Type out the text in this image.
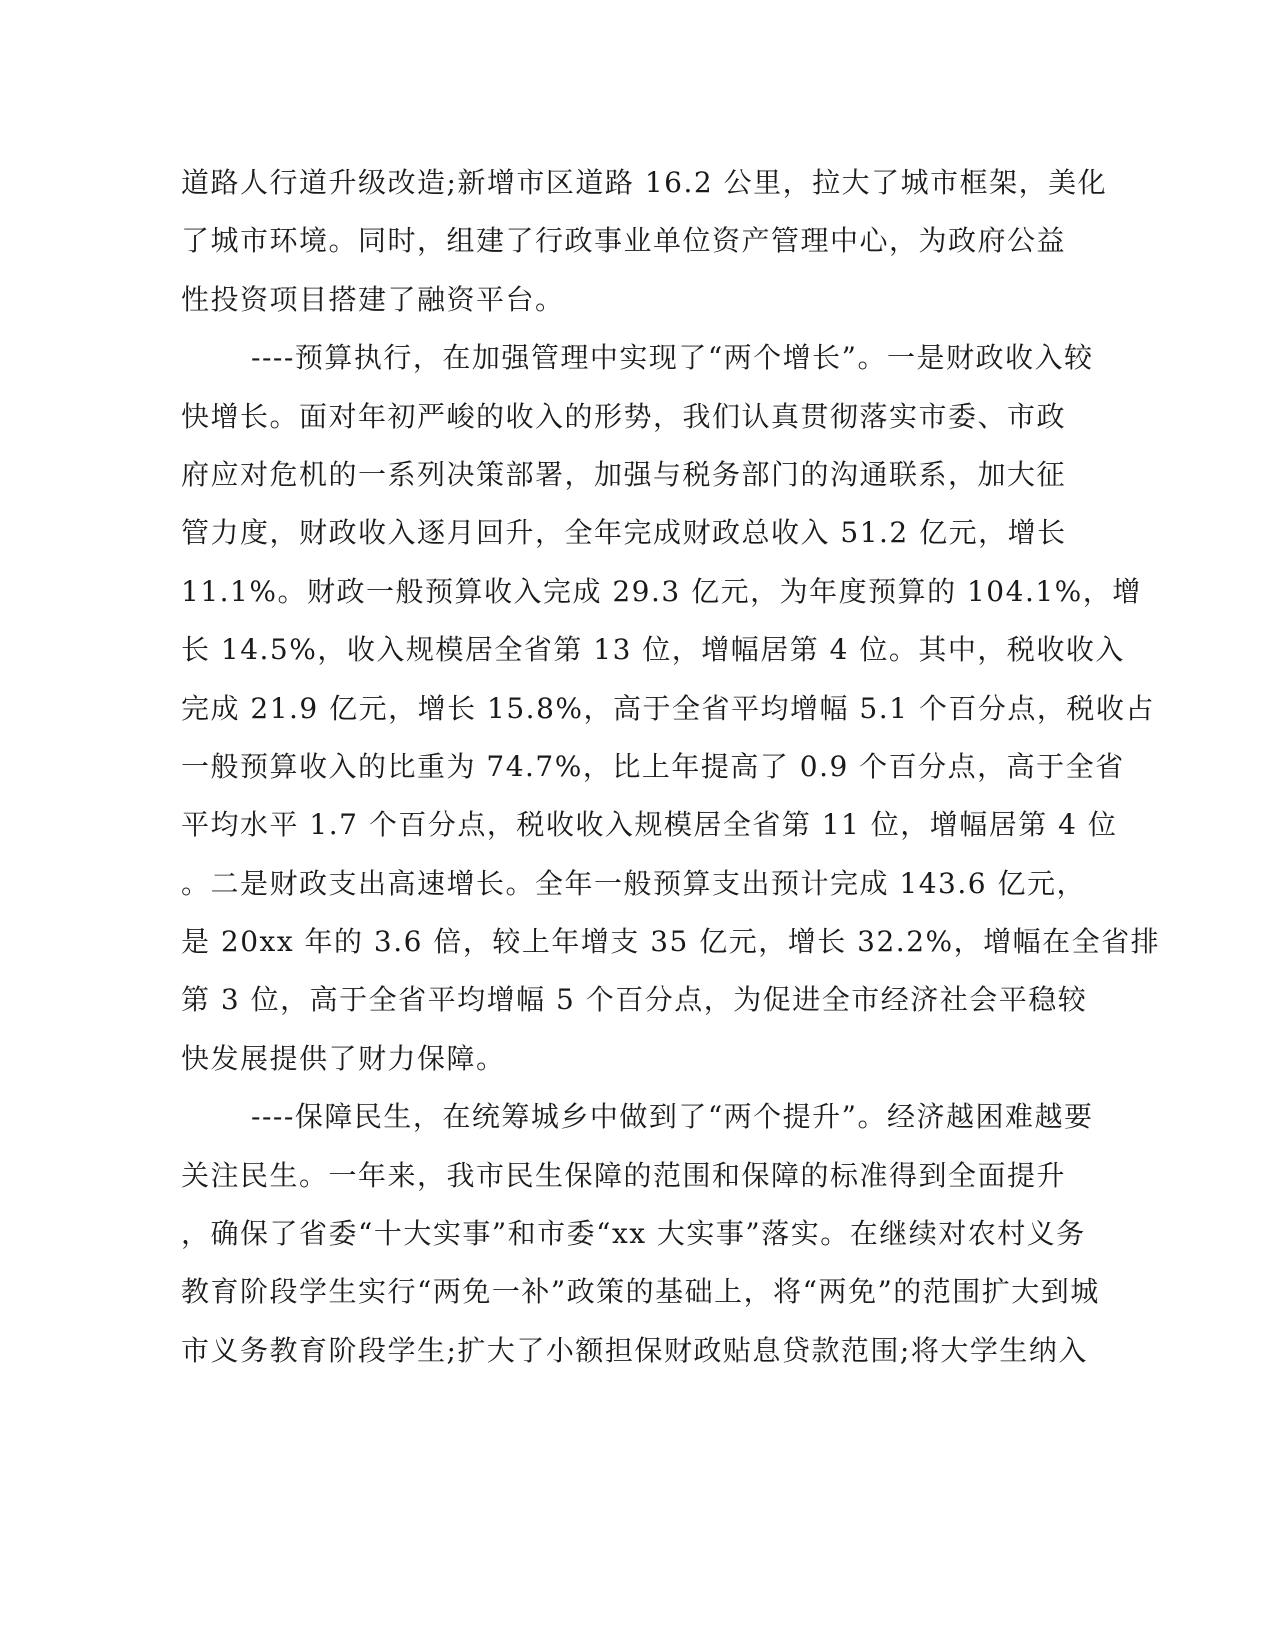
道路人行道升级改造;新增市区道路 16.2 公里，拉大了城市框架，美化
了城市环境。同时，组建了行政事业单位资产管理中心，为政府公益
性投资项目搭建了融资平台。
----预算执行，在加强管理中实现了“两个增长”。一是财政收入较
快增长。面对年初严峻的收入的形势，我们认真贯彻落实市委、市政
府应对危机的一系列决策部署，加强与税务部门的沟通联系，加大征
管力度，财政收入逐月回升，全年完成财政总收入 51.2 亿元，增长
11.1%。财政一般预算收入完成 29.3 亿元，为年度预算的 104.1%，增
长 14.5%，收入规模居全省第 13 位，增幅居第 4 位。其中，税收收入
完成 21.9 亿元，增长 15.8%，高于全省平均增幅 5.1 个百分点，税收占
一般预算收入的比重为 74.7%，比上年提高了 0.9 个百分点，高于全省
平均水平 1.7 个百分点，税收收入规模居全省第 11 位，增幅居第 4 位
。二是财政支出高速增长。全年一般预算支出预计完成 143.6 亿元，
是 20xx 年的 3.6 倍，较上年增支 35 亿元，增长 32.2%，增幅在全省排
第 3 位，高于全省平均增幅 5 个百分点，为促进全市经济社会平稳较
快发展提供了财力保障。
----保障民生，在统筹城乡中做到了“两个提升”。经济越困难越要
关注民生。一年来，我市民生保障的范围和保障的标准得到全面提升
，确保了省委“十大实事”和市委“xx 大实事”落实。在继续对农村义务
教育阶段学生实行“两免一补”政策的基础上，将“两免”的范围扩大到城
市义务教育阶段学生;扩大了小额担保财政贴息贷款范围;将大学生纳入
